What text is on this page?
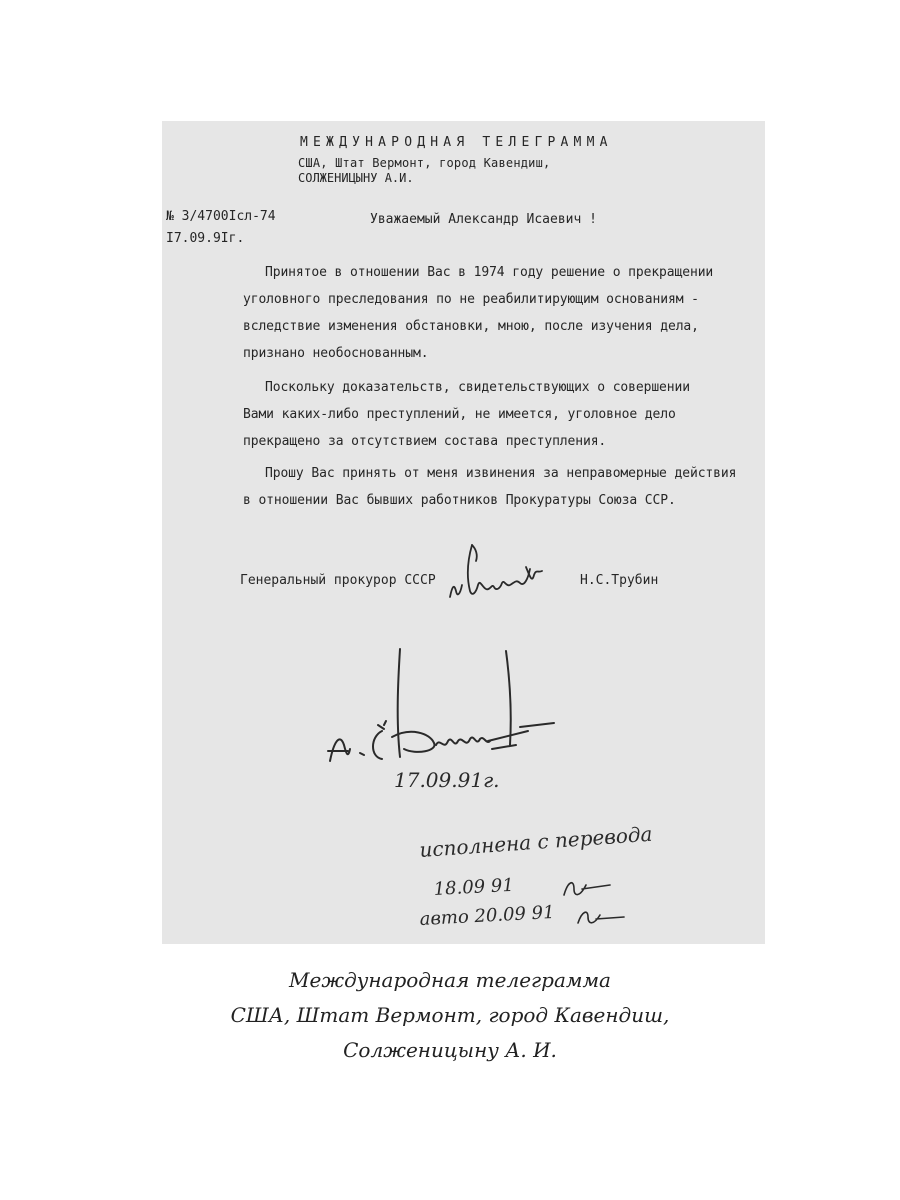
МЕЖДУНАРОДНАЯ ТЕЛЕГРАММА
США, Штат Вермонт, город Кавендиш,
СОЛЖЕНИЦЫНУ А.И.
№ 3/4700Iсл-74
I7.09.9Iг.
Уважаемый Александр Исаевич !
Принятое в отношении Вас в 1974 году решение о прекращении
уголовного преследования по не реабилитирующим основаниям -
вследствие изменения обстановки, мною, после изучения дела,
признано необоснованным.
Поскольку доказательств, свидетельствующих о совершении
Вами каких-либо преступлений, не имеется, уголовное дело
прекращено за отсутствием состава преступления.
Прошу Вас принять от меня извинения за неправомерные действия
в отношении Вас бывших работников Прокуратуры Союза ССР.
Генеральный прокурор СССР	Н.С.Трубин
17.09.91г.
исполнена с перевода
18.09 91
авто 20.09 91
Международная телеграмма
США, Штат Вермонт, город Кавендиш,
Солженицыну А. И.
